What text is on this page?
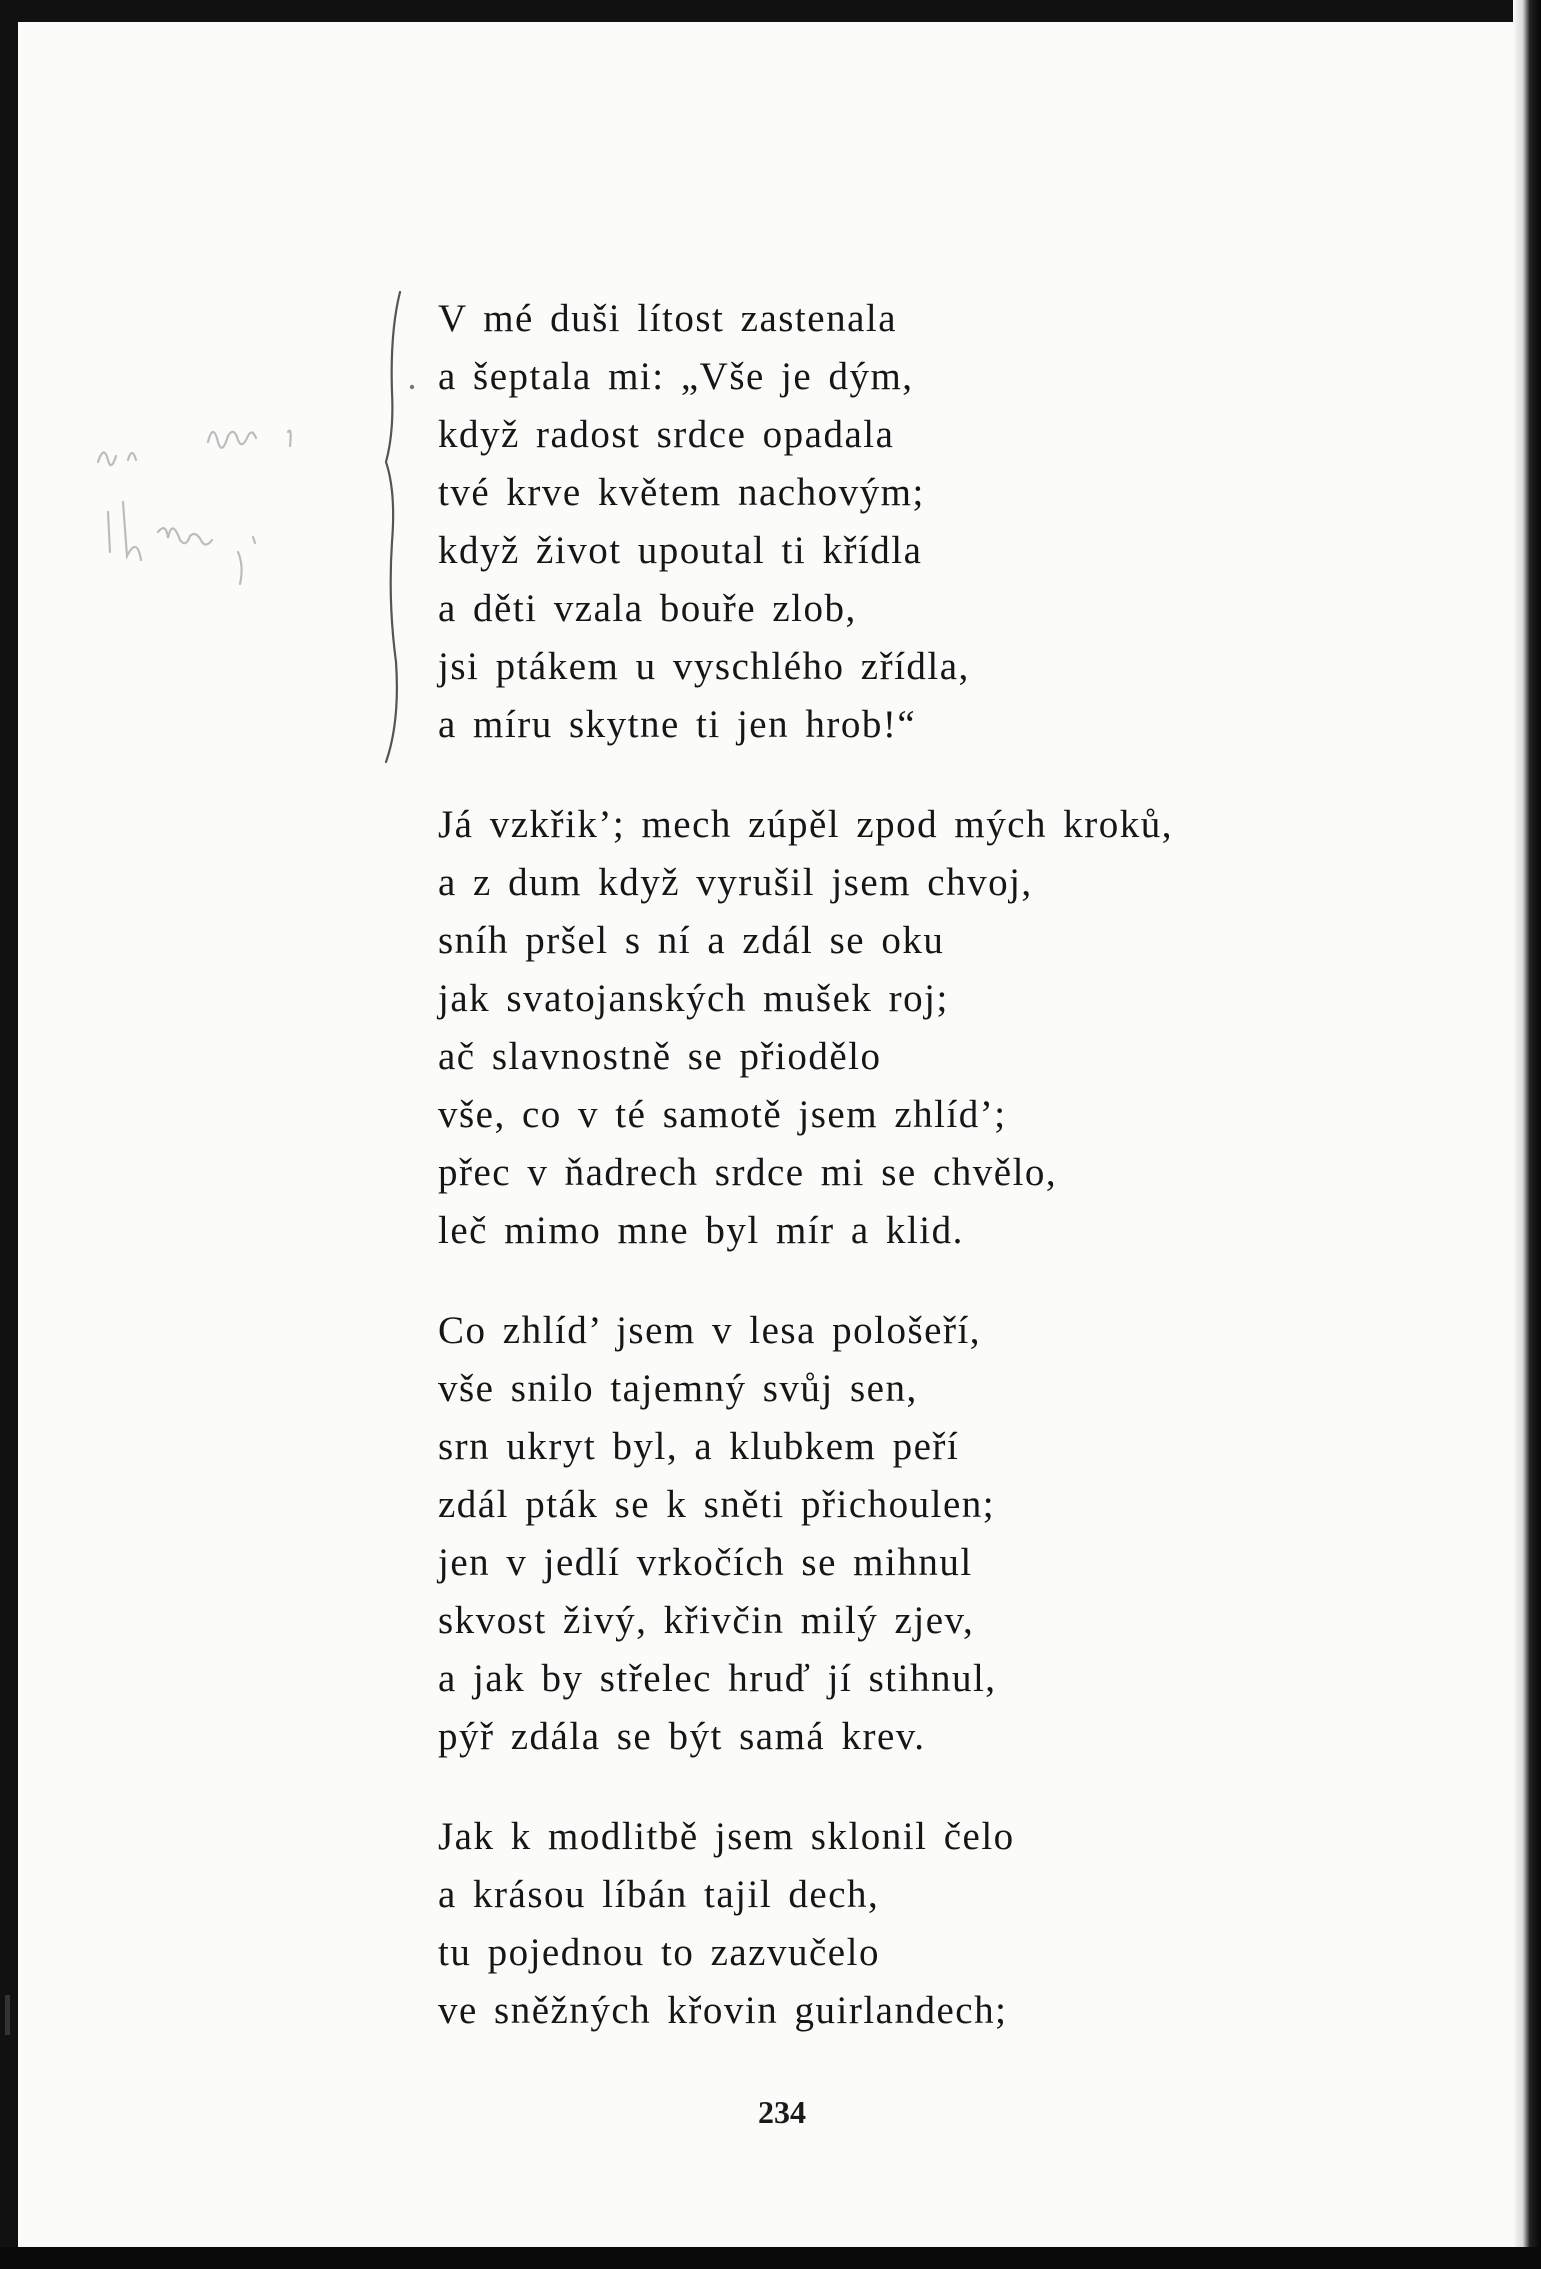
V mé duši lítost zastenala
a šeptala mi: „Vše je dým,
když radost srdce opadala
tvé krve květem nachovým;
když život upoutal ti křídla
a děti vzala bouře zlob,
jsi ptákem u vyschlého zřídla,
a míru skytne ti jen hrob!“
Já vzkřik’; mech zúpěl zpod mých kroků,
a z dum když vyrušil jsem chvoj,
sníh pršel s ní a zdál se oku
jak svatojanských mušek roj;
ač slavnostně se přiodělo
vše, co v té samotě jsem zhlíd’;
přec v ňadrech srdce mi se chvělo,
leč mimo mne byl mír a klid.
Co zhlíd’ jsem v lesa pološeří,
vše snilo tajemný svůj sen,
srn ukryt byl, a klubkem peří
zdál pták se k sněti přichoulen;
jen v jedlí vrkočích se mihnul
skvost živý, křivčin milý zjev,
a jak by střelec hruď jí stihnul,
pýř zdála se být samá krev.
Jak k modlitbě jsem sklonil čelo
a krásou líbán tajil dech,
tu pojednou to zazvučelo
ve sněžných křovin guirlandech;
234
